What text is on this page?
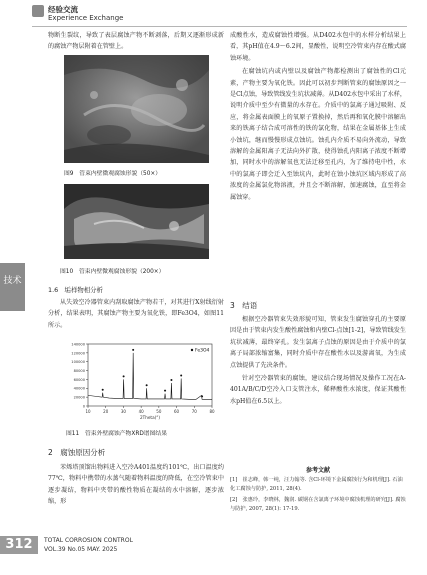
经验交流
Experience Exchange
技术

物断生裂纹，导致了表层腐蚀产物不断剥落，后期又逐渐形成新的腐蚀产物层附着在管壁上。

图9　管束内壁微观腐蚀形貌（50×）
图10　管束内壁微观腐蚀形貌（200×）
1.6　垢样物相分析

从失效空冷器管束内刮取腐蚀产物若干，对其进行X射线衍射分析，结果表明，其腐蚀产物主要为氧化铁，即Fe3O4，如图11所示。

10	20	30	40	50	60	70	80
0
20000
40000
60000
80000
100000
120000
140000
2Theta(°)
Fe3O4
图11　管束外壁腐蚀产物XRD谱图结果
2　腐蚀原因分析

苯烯塔顶馏出物料进入空冷A401温度约101℃，出口温度约77℃，物料中携带的水蒸气随着物料温度的降低，在空冷管束中逐步凝结，物料中夹带的酸性物质在凝结的水中溶解，逐步浓缩，形

成酸性水，造成腐蚀性增强。从D402水包中的水样分析结果上看，其pH值在4.9～6.2间，显酸性，说明空冷管束内存在酸式腐蚀环境。

在腐蚀坑内或内壁以及腐蚀产物都检测出了腐蚀性的Cl元素，产物主要为氧化铁。因此可以初步判断管束的腐蚀原因之一是Cl点蚀，导致管线发生坑状减薄。从D402水包中采出了水样，说明介质中至少有微量的水存在。介质中的氯离子通过吸附、反应，将金属表面膜上的氧原子置换掉，然后再和氧化膜中溶解出来的铁离子结合成可溶性的铁的氯化物，结果在金属基体上生成小蚀坑，继而慢慢形成点蚀坑。蚀孔内介质不易向外流动，导致溶解的金属阳离子无法向外扩散，使得蚀孔内阳离子浓度不断增加，同时水中的溶解氧也无法迁移至孔内，为了维持电中性，水中的氯离子即会迁入至蚀坑内，此时在蚀小蚀坑区域内形成了高浓度的金属氯化物溶液，并且会不断溶解，加速腐蚀，直至将金属蚀穿。

3　结语

根据空冷器管束失效形貌可知，管束发生腐蚀穿孔的主要原因是由于管束内发生酸性腐蚀和内壁Cl-点蚀[1-2]，导致管线发生坑状减薄，最终穿孔。发生氯离子点蚀的原因是由于介质中的氯离子局部浓缩富集，同时介质中存在酸性水以及游离氧，为生成点蚀提供了先决条件。

针对空冷器管束的腐蚀，建议结合现场情况及操作工况在A-401A/B/C/D空冷入口支管注水，稀释酸性水浓度，保证其酸性水pH值在6.5以上。

参考文献

[1]　崔志峰，韩一纯，汪力翰等. 含Cl-环境下金属腐蚀行为和机理[J]. 石油化工腐蚀与防护, 2011, 28(4).

[2]　张惠玲，李晓林，魏润. 碳钢在含氯离子环境中腐蚀机理的研究[J]. 腐蚀与防护, 2007, 28(1): 17-19.

312	TOTAL CORROSION CONTROL
VOL.39 No.05 MAY. 2025
